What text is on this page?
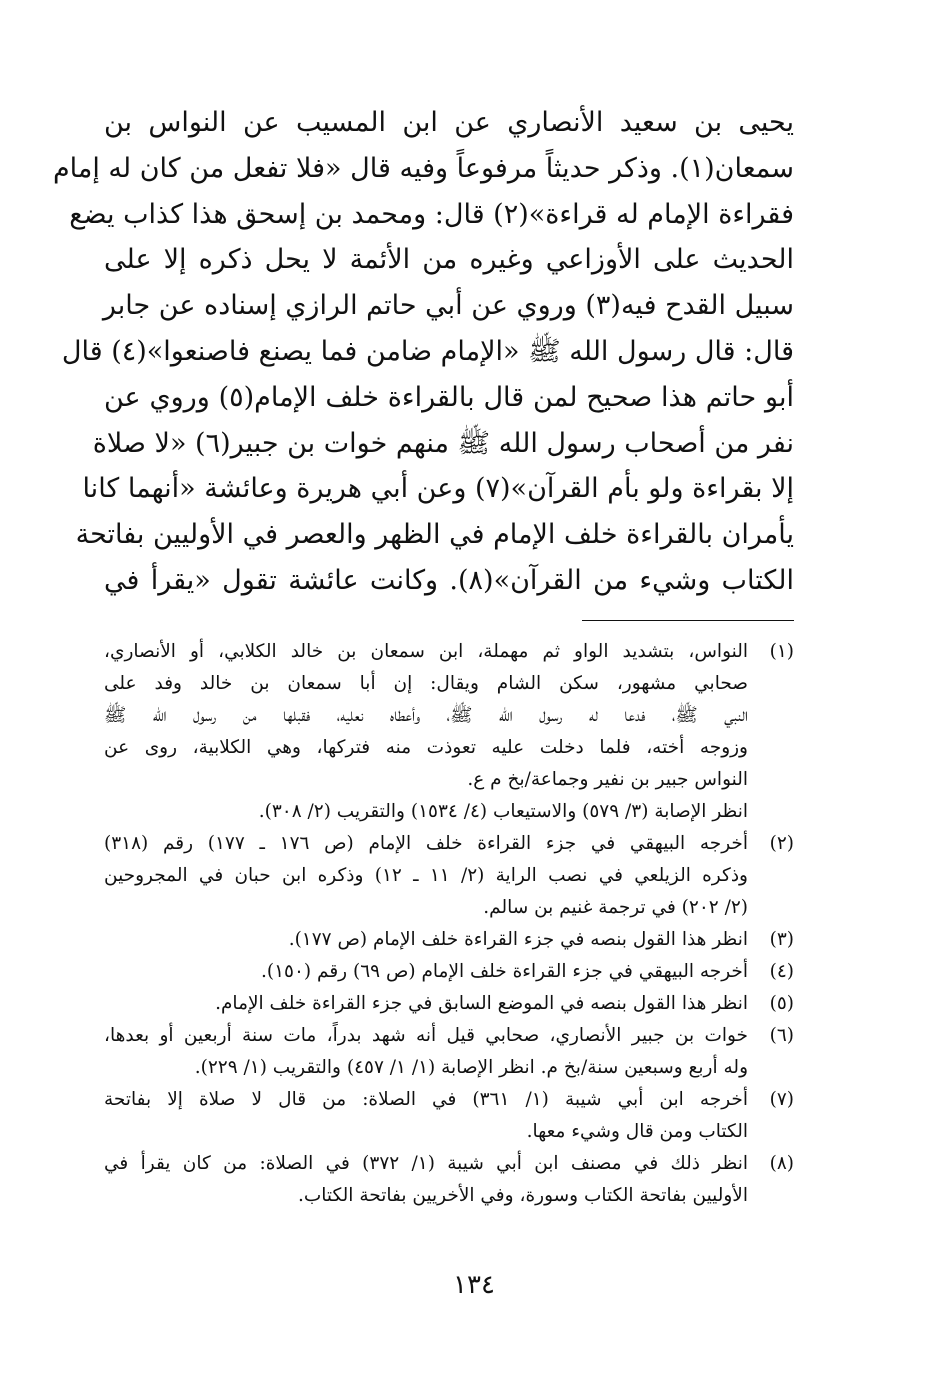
يحيى بن سعيد الأنصاري عن ابن المسيب عن النواس بن
سمعان(١). وذكر حديثاً مرفوعاً وفيه قال «فلا تفعل من كان له إمام
فقراءة الإمام له قراءة»(٢) قال: ومحمد بن إسحق هذا كذاب يضع
الحديث على الأوزاعي وغيره من الأئمة لا يحل ذكره إلا على
سبيل القدح فيه(٣) وروي عن أبي حاتم الرازي إسناده عن جابر
قال: قال رسول الله ﷺ «الإمام ضامن فما يصنع فاصنعوا»(٤) قال
أبو حاتم هذا صحيح لمن قال بالقراءة خلف الإمام(٥) وروي عن
نفر من أصحاب رسول الله ﷺ منهم خوات بن جبير(٦) «لا صلاة
إلا بقراءة ولو بأم القرآن»(٧) وعن أبي هريرة وعائشة «أنهما كانا
يأمران بالقراءة خلف الإمام في الظهر والعصر في الأولیين بفاتحة
الكتاب وشيء من القرآن»(٨). وكانت عائشة تقول «يقرأ في
(١)
النواس، بتشديد الواو ثم مهملة، ابن سمعان بن خالد الكلابي، أو الأنصاري،
صحابي مشهور، سكن الشام ويقال: إن أبا سمعان بن خالد وفد على
النبي ﷺ، فدعا له رسول الله ﷺ، وأعطاه نعليه، فقبلها من رسول الله ﷺ
وزوجه أخته، فلما دخلت عليه تعوذت منه فتركها، وهي الكلابية، روى عن
النواس جبير بن نفير وجماعة/بخ م ع.
انظر الإصابة (٣/ ٥٧٩) والاستيعاب (٤/ ١٥٣٤) والتقريب (٢/ ٣٠٨).
(٢)
أخرجه البيهقي في جزء القراءة خلف الإمام (ص ١٧٦ ـ ١٧٧) رقم (٣١٨)
وذكره الزيلعي في نصب الراية (٢/ ١١ ـ ١٢) وذكره ابن حبان في المجروحين
(٢/ ٢٠٢) في ترجمة غنيم بن سالم.
(٣)
انظر هذا القول بنصه في جزء القراءة خلف الإمام (ص ١٧٧).
(٤)
أخرجه البيهقي في جزء القراءة خلف الإمام (ص ٦٩) رقم (١٥٠).
(٥)
انظر هذا القول بنصه في الموضع السابق في جزء القراءة خلف الإمام.
(٦)
خوات بن جبير الأنصاري، صحابي قيل أنه شهد بدراً، مات سنة أربعين أو بعدها،
وله أربع وسبعين سنة/بخ م. انظر الإصابة (١/ ١/ ٤٥٧) والتقريب (١/ ٢٢٩).
(٧)
أخرجه ابن أبي شيبة (١/ ٣٦١) في الصلاة: من قال لا صلاة إلا بفاتحة
الكتاب ومن قال وشيء معها.
(٨)
انظر ذلك في مصنف ابن أبي شيبة (١/ ٣٧٢) في الصلاة: من كان يقرأ في
الأولیين بفاتحة الكتاب وسورة، وفي الأخريين بفاتحة الكتاب.
١٣٤
